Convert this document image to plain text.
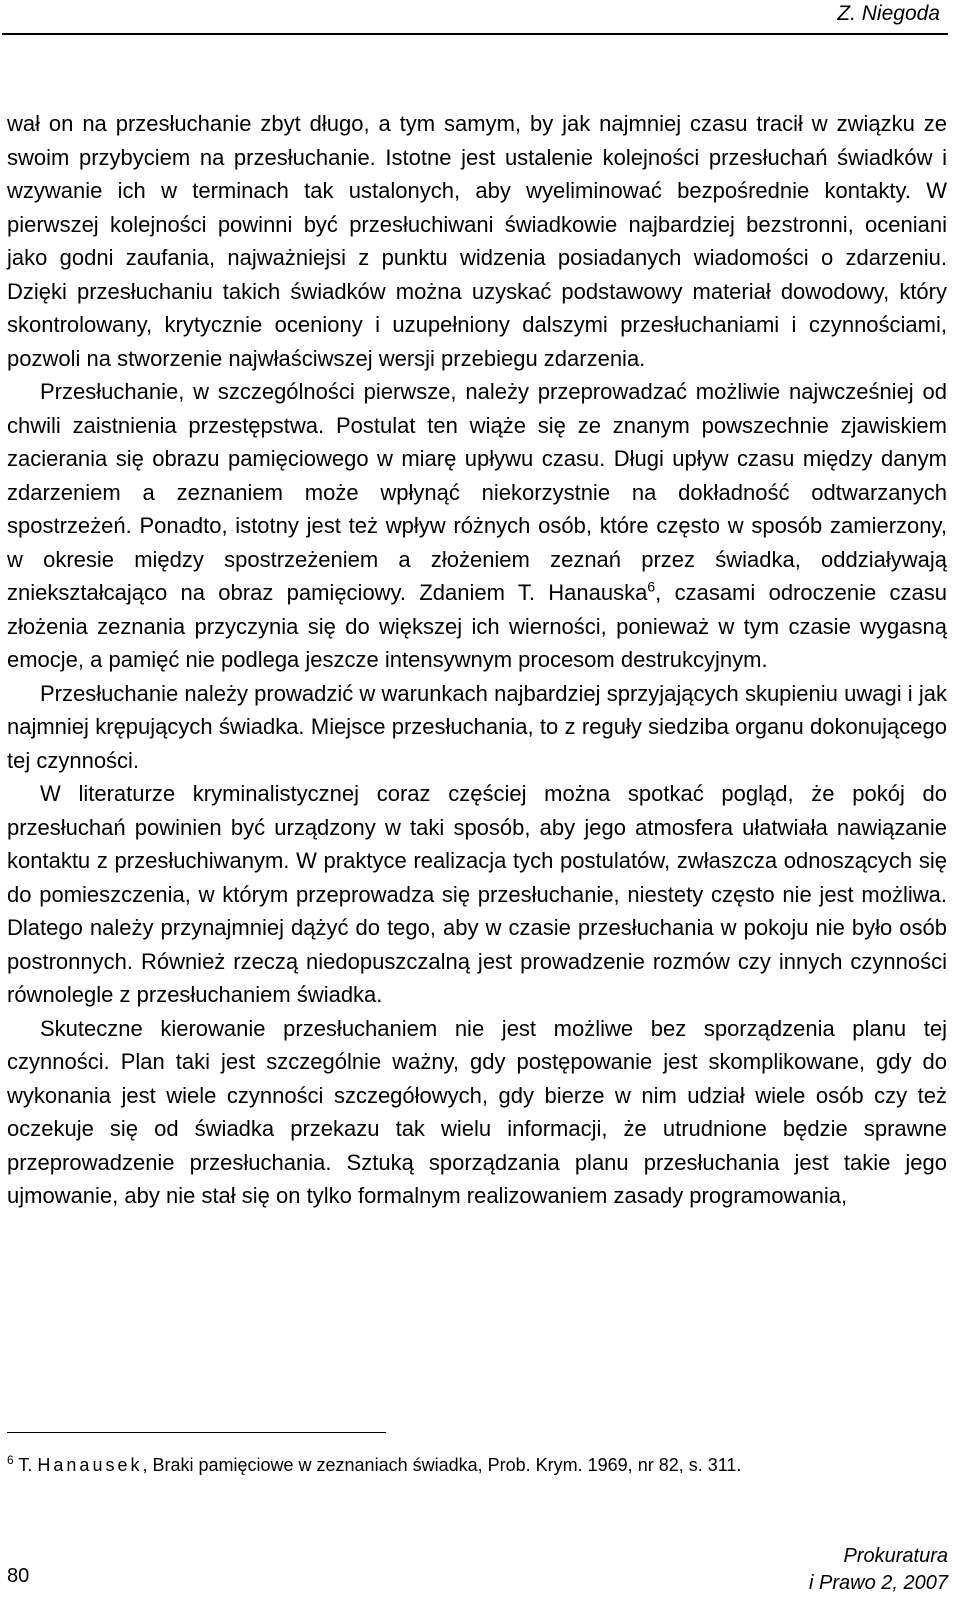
Z. Niegoda

wał on na przesłuchanie zbyt długo, a tym samym, by jak najmniej czasu tracił w związku ze swoim przybyciem na przesłuchanie. Istotne jest ustalenie kolejności przesłuchań świadków i wzywanie ich w terminach tak ustalonych, aby wyeliminować bezpośrednie kontakty. W pierwszej kolejności powinni być przesłuchiwani świadkowie najbardziej bezstronni, oceniani jako godni zaufania, najważniejsi z punktu widzenia posiadanych wiadomości o zdarzeniu. Dzięki przesłuchaniu takich świadków można uzyskać podstawowy materiał dowodowy, który skontrolowany, krytycznie oceniony i uzupełniony dalszymi przesłuchaniami i czynnościami, pozwoli na stworzenie najwłaściwszej wersji przebiegu zdarzenia.

Przesłuchanie, w szczególności pierwsze, należy przeprowadzać możliwie najwcześniej od chwili zaistnienia przestępstwa. Postulat ten wiąże się ze znanym powszechnie zjawiskiem zacierania się obrazu pamięciowego w miarę upływu czasu. Długi upływ czasu między danym zdarzeniem a zeznaniem może wpłynąć niekorzystnie na dokładność odtwarzanych spostrzeżeń. Ponadto, istotny jest też wpływ różnych osób, które często w sposób zamierzony, w okresie między spostrzeżeniem a złożeniem zeznań przez świadka, oddziaływają zniekształcająco na obraz pamięciowy. Zdaniem T. Hanauska$^6$, czasami odroczenie czasu złożenia zeznania przyczynia się do większej ich wierności, ponieważ w tym czasie wygasną emocje, a pamięć nie podlega jeszcze intensywnym procesom destrukcyjnym.

Przesłuchanie należy prowadzić w warunkach najbardziej sprzyjających skupieniu uwagi i jak najmniej krępujących świadka. Miejsce przesłuchania, to z reguły siedziba organu dokonującego tej czynności.

W literaturze kryminalistycznej coraz częściej można spotkać pogląd, że pokój do przesłuchań powinien być urządzony w taki sposób, aby jego atmosfera ułatwiała nawiązanie kontaktu z przesłuchiwanym. W praktyce realizacja tych postulatów, zwłaszcza odnoszących się do pomieszczenia, w którym przeprowadza się przesłuchanie, niestety często nie jest możliwa. Dlatego należy przynajmniej dążyć do tego, aby w czasie przesłuchania w pokoju nie było osób postronnych. Również rzeczą niedopuszczalną jest prowadzenie rozmów czy innych czynności równolegle z przesłuchaniem świadka.

Skuteczne kierowanie przesłuchaniem nie jest możliwe bez sporządzenia planu tej czynności. Plan taki jest szczególnie ważny, gdy postępowanie jest skomplikowane, gdy do wykonania jest wiele czynności szczegółowych, gdy bierze w nim udział wiele osób czy też oczekuje się od świadka przekazu tak wielu informacji, że utrudnione będzie sprawne przeprowadzenie przesłuchania. Sztuką sporządzania planu przesłuchania jest takie jego ujmowanie, aby nie stał się on tylko formalnym realizowaniem zasady programowania,

$^6$ T. Hanausek, Braki pamięciowe w zeznaniach świadka, Prob. Krym. 1969, nr 82, s. 311.
80
Prokuratura
i Prawo 2, 2007
